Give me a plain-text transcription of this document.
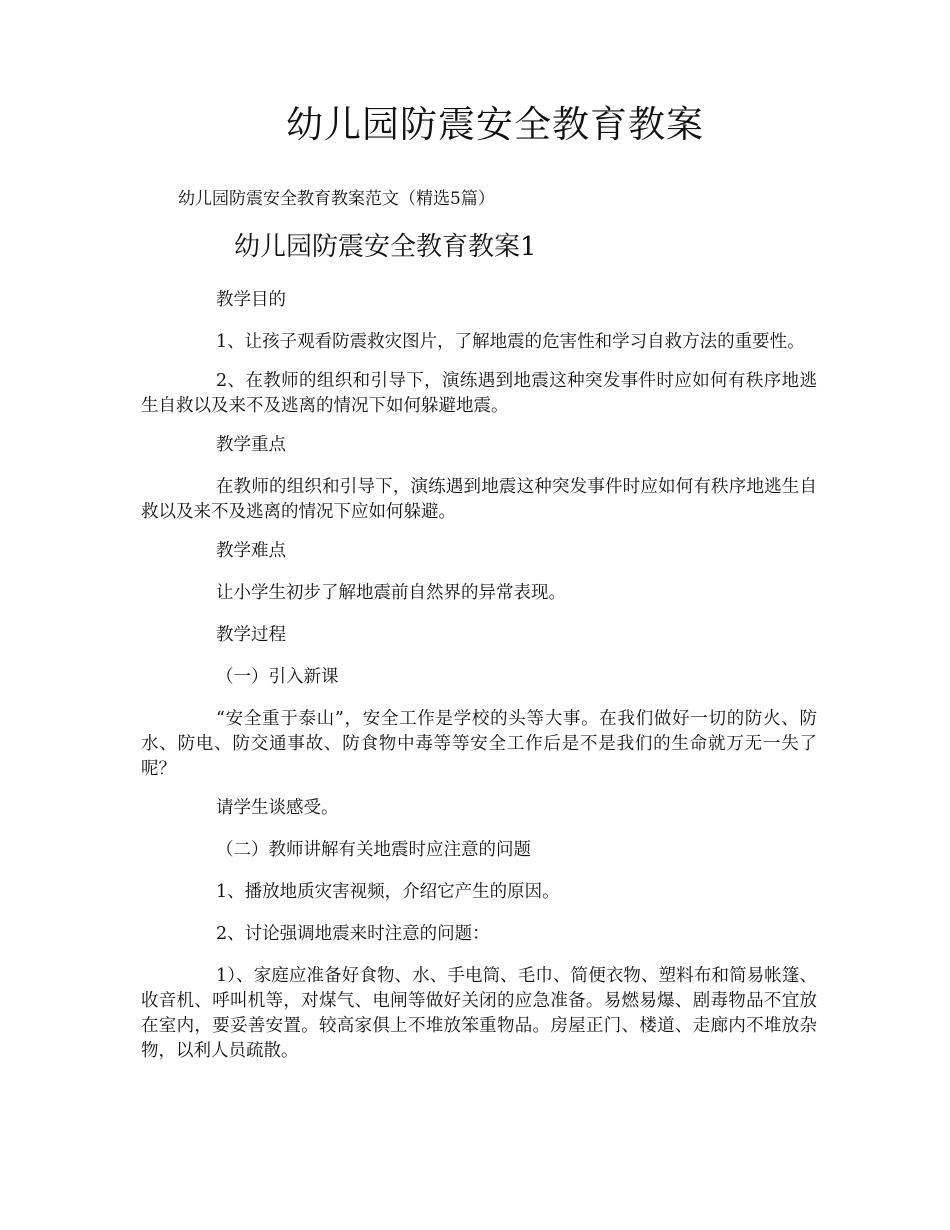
幼儿园防震安全教育教案

幼儿园防震安全教育教案范文（精选5篇）

幼儿园防震安全教育教案1

教学目的

1、让孩子观看防震救灾图片，了解地震的危害性和学习自救方法的重要性。

2、在教师的组织和引导下，演练遇到地震这种突发事件时应如何有秩序地逃生自救以及来不及逃离的情况下如何躲避地震。

教学重点

在教师的组织和引导下，演练遇到地震这种突发事件时应如何有秩序地逃生自救以及来不及逃离的情况下应如何躲避。

教学难点

让小学生初步了解地震前自然界的异常表现。

教学过程

（一）引入新课

“安全重于泰山”，安全工作是学校的头等大事。在我们做好一切的防火、防水、防电、防交通事故、防食物中毒等等安全工作后是不是我们的生命就万无一失了呢？

请学生谈感受。

（二）教师讲解有关地震时应注意的问题

1、播放地质灾害视频，介绍它产生的原因。

2、讨论强调地震来时注意的问题：

1）、家庭应准备好食物、水、手电筒、毛巾、简便衣物、塑料布和简易帐篷、收音机、呼叫机等，对煤气、电闸等做好关闭的应急准备。易燃易爆、剧毒物品不宜放在室内，要妥善安置。较高家俱上不堆放笨重物品。房屋正门、楼道、走廊内不堆放杂物，以利人员疏散。
